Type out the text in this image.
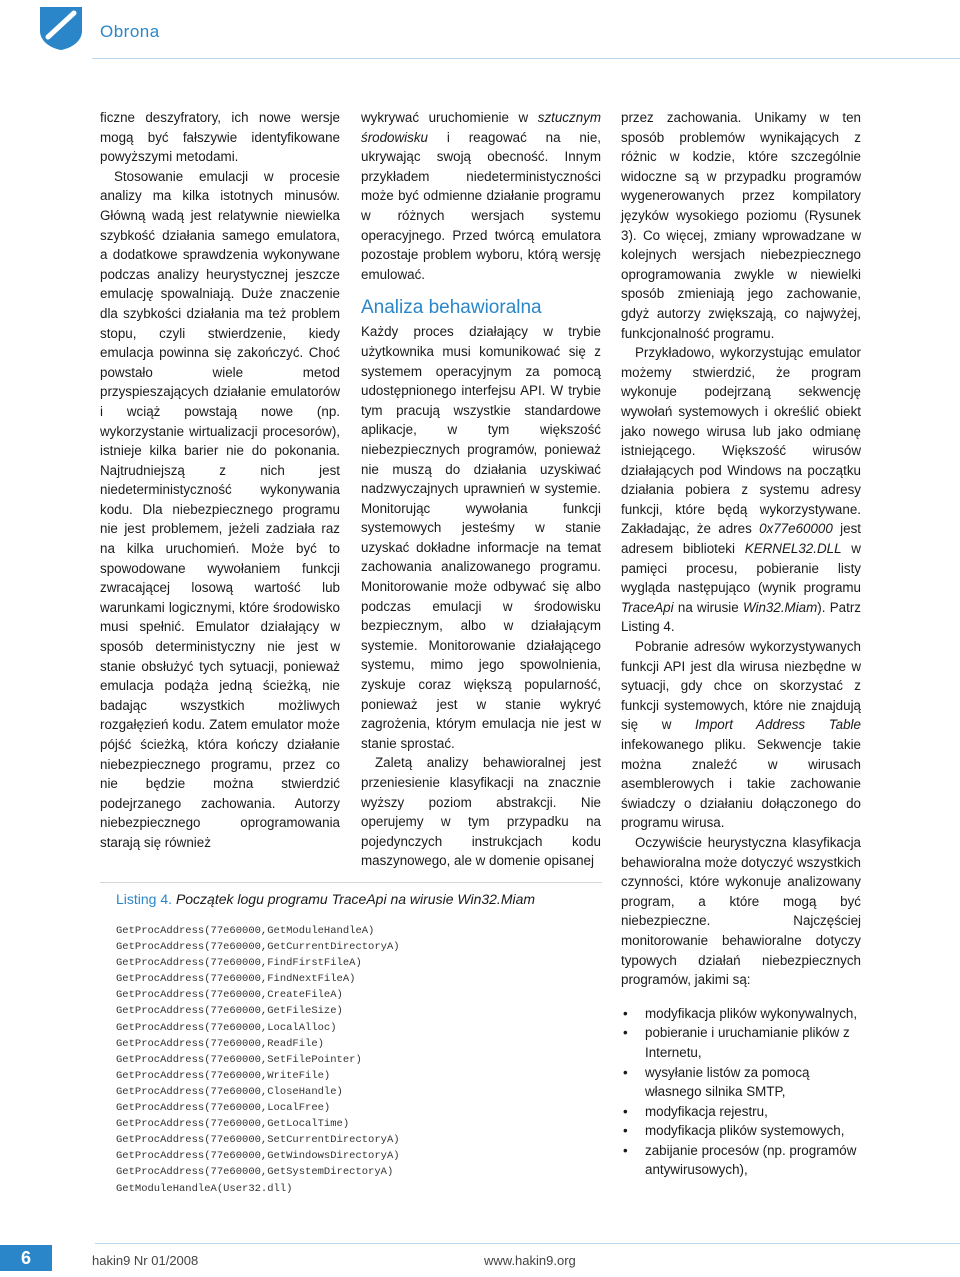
Obrona

ficzne deszyfratory, ich nowe wersje mogą być fałszywie identyfikowane powyższymi metodami.

Stosowanie emulacji w procesie analizy ma kilka istotnych minusów. Główną wadą jest relatywnie niewielka szybkość działania samego emulatora, a dodatkowe sprawdzenia wykonywane podczas analizy heurystycznej jeszcze emulację spowalniają. Duże znaczenie dla szybkości działania ma też problem stopu, czyli stwierdzenie, kiedy emulacja powinna się zakończyć. Choć powstało wiele metod przyspieszających działanie emulatorów i wciąż powstają nowe (np. wykorzystanie wirtualizacji procesorów), istnieje kilka barier nie do pokonania. Najtrudniejszą z nich jest niedeterministyczność wykonywania kodu. Dla niebezpiecznego programu nie jest problemem, jeżeli zadziała raz na kilka uruchomień. Może być to spowodowane wywołaniem funkcji zwracającej losową wartość lub warunkami logicznymi, które środowisko musi spełnić. Emulator działający w sposób deterministyczny nie jest w stanie obsłużyć tych sytuacji, ponieważ emulacja podąża jedną ścieżką, nie badając wszystkich możliwych rozgałęzień kodu. Zatem emulator może pójść ścieżką, która kończy działanie niebezpiecznego programu, przez co nie będzie można stwierdzić podejrzanego zachowania. Autorzy niebezpiecznego oprogramowania starają się również

wykrywać uruchomienie w sztucznym środowisku i reagować na nie, ukrywając swoją obecność. Innym przykładem niedeterministyczności może być odmienne działanie programu w różnych wersjach systemu operacyjnego. Przed twórcą emulatora pozostaje problem wyboru, którą wersję emulować.

Analiza behawioralna

Każdy proces działający w trybie użytkownika musi komunikować się z systemem operacyjnym za pomocą udostępnionego interfejsu API. W trybie tym pracują wszystkie standardowe aplikacje, w tym większość niebezpiecznych programów, ponieważ nie muszą do działania uzyskiwać nadzwyczajnych uprawnień w systemie. Monitorując wywołania funkcji systemowych jesteśmy w stanie uzyskać dokładne informacje na temat zachowania analizowanego programu. Monitorowanie może odbywać się albo podczas emulacji w środowisku bezpiecznym, albo w działającym systemie. Monitorowanie działającego systemu, mimo jego spowolnienia, zyskuje coraz większą popularność, ponieważ jest w stanie wykryć zagrożenia, którym emulacja nie jest w stanie sprostać.

Zaletą analizy behawioralnej jest przeniesienie klasyfikacji na znacznie wyższy poziom abstrakcji. Nie operujemy w tym przypadku na pojedynczych instrukcjach kodu maszynowego, ale w domenie opisanej

przez zachowania. Unikamy w ten sposób problemów wynikających z różnic w kodzie, które szczególnie widoczne są w przypadku programów wygenerowanych przez kompilatory języków wysokiego poziomu (Rysunek 3). Co więcej, zmiany wprowadzane w kolejnych wersjach niebezpiecznego oprogramowania zwykle w niewielki sposób zmieniają jego zachowanie, gdyż autorzy zwiększają, co najwyżej, funkcjonalność programu.

Przykładowo, wykorzystując emulator możemy stwierdzić, że program wykonuje podejrzaną sekwencję wywołań systemowych i określić obiekt jako nowego wirusa lub jako odmianę istniejącego. Większość wirusów działających pod Windows na początku działania pobiera z systemu adresy funkcji, które będą wykorzystywane. Zakładając, że adres 0x77e60000 jest adresem biblioteki KERNEL32.DLL w pamięci procesu, pobieranie listy wygląda następująco (wynik programu TraceApi na wirusie Win32.Miam). Patrz Listing 4.

Pobranie adresów wykorzystywanych funkcji API jest dla wirusa niezbędne w sytuacji, gdy chce on skorzystać z funkcji systemowych, które nie znajdują się w Import Address Table infekowanego pliku. Sekwencje takie można znaleźć w wirusach asemblerowych i takie zachowanie świadczy o działaniu dołączonego do programu wirusa.

Oczywiście heurystyczna klasyfikacja behawioralna może dotyczyć wszystkich czynności, które wykonuje analizowany program, a które mogą być niebezpieczne. Najczęściej monitorowanie behawioralne dotyczy typowych działań niebezpiecznych programów, jakimi są:

• modyfikacja plików wykonywalnych,
• pobieranie i uruchamianie plików z Internetu,
• wysyłanie listów za pomocą własnego silnika SMTP,
• modyfikacja rejestru,
• modyfikacja plików systemowych,
• zabijanie procesów (np. programów antywirusowych),
Listing 4. Początek logu programu TraceApi na wirusie Win32.Miam
GetProcAddress(77e60000,GetModuleHandleA)
GetProcAddress(77e60000,GetCurrentDirectoryA)
GetProcAddress(77e60000,FindFirstFileA)
GetProcAddress(77e60000,FindNextFileA)
GetProcAddress(77e60000,CreateFileA)
GetProcAddress(77e60000,GetFileSize)
GetProcAddress(77e60000,LocalAlloc)
GetProcAddress(77e60000,ReadFile)
GetProcAddress(77e60000,SetFilePointer)
GetProcAddress(77e60000,WriteFile)
GetProcAddress(77e60000,CloseHandle)
GetProcAddress(77e60000,LocalFree)
GetProcAddress(77e60000,GetLocalTime)
GetProcAddress(77e60000,SetCurrentDirectoryA)
GetProcAddress(77e60000,GetWindowsDirectoryA)
GetProcAddress(77e60000,GetSystemDirectoryA)
GetModuleHandleA(User32.dll)
6	hakin9 Nr 01/2008	www.hakin9.org
